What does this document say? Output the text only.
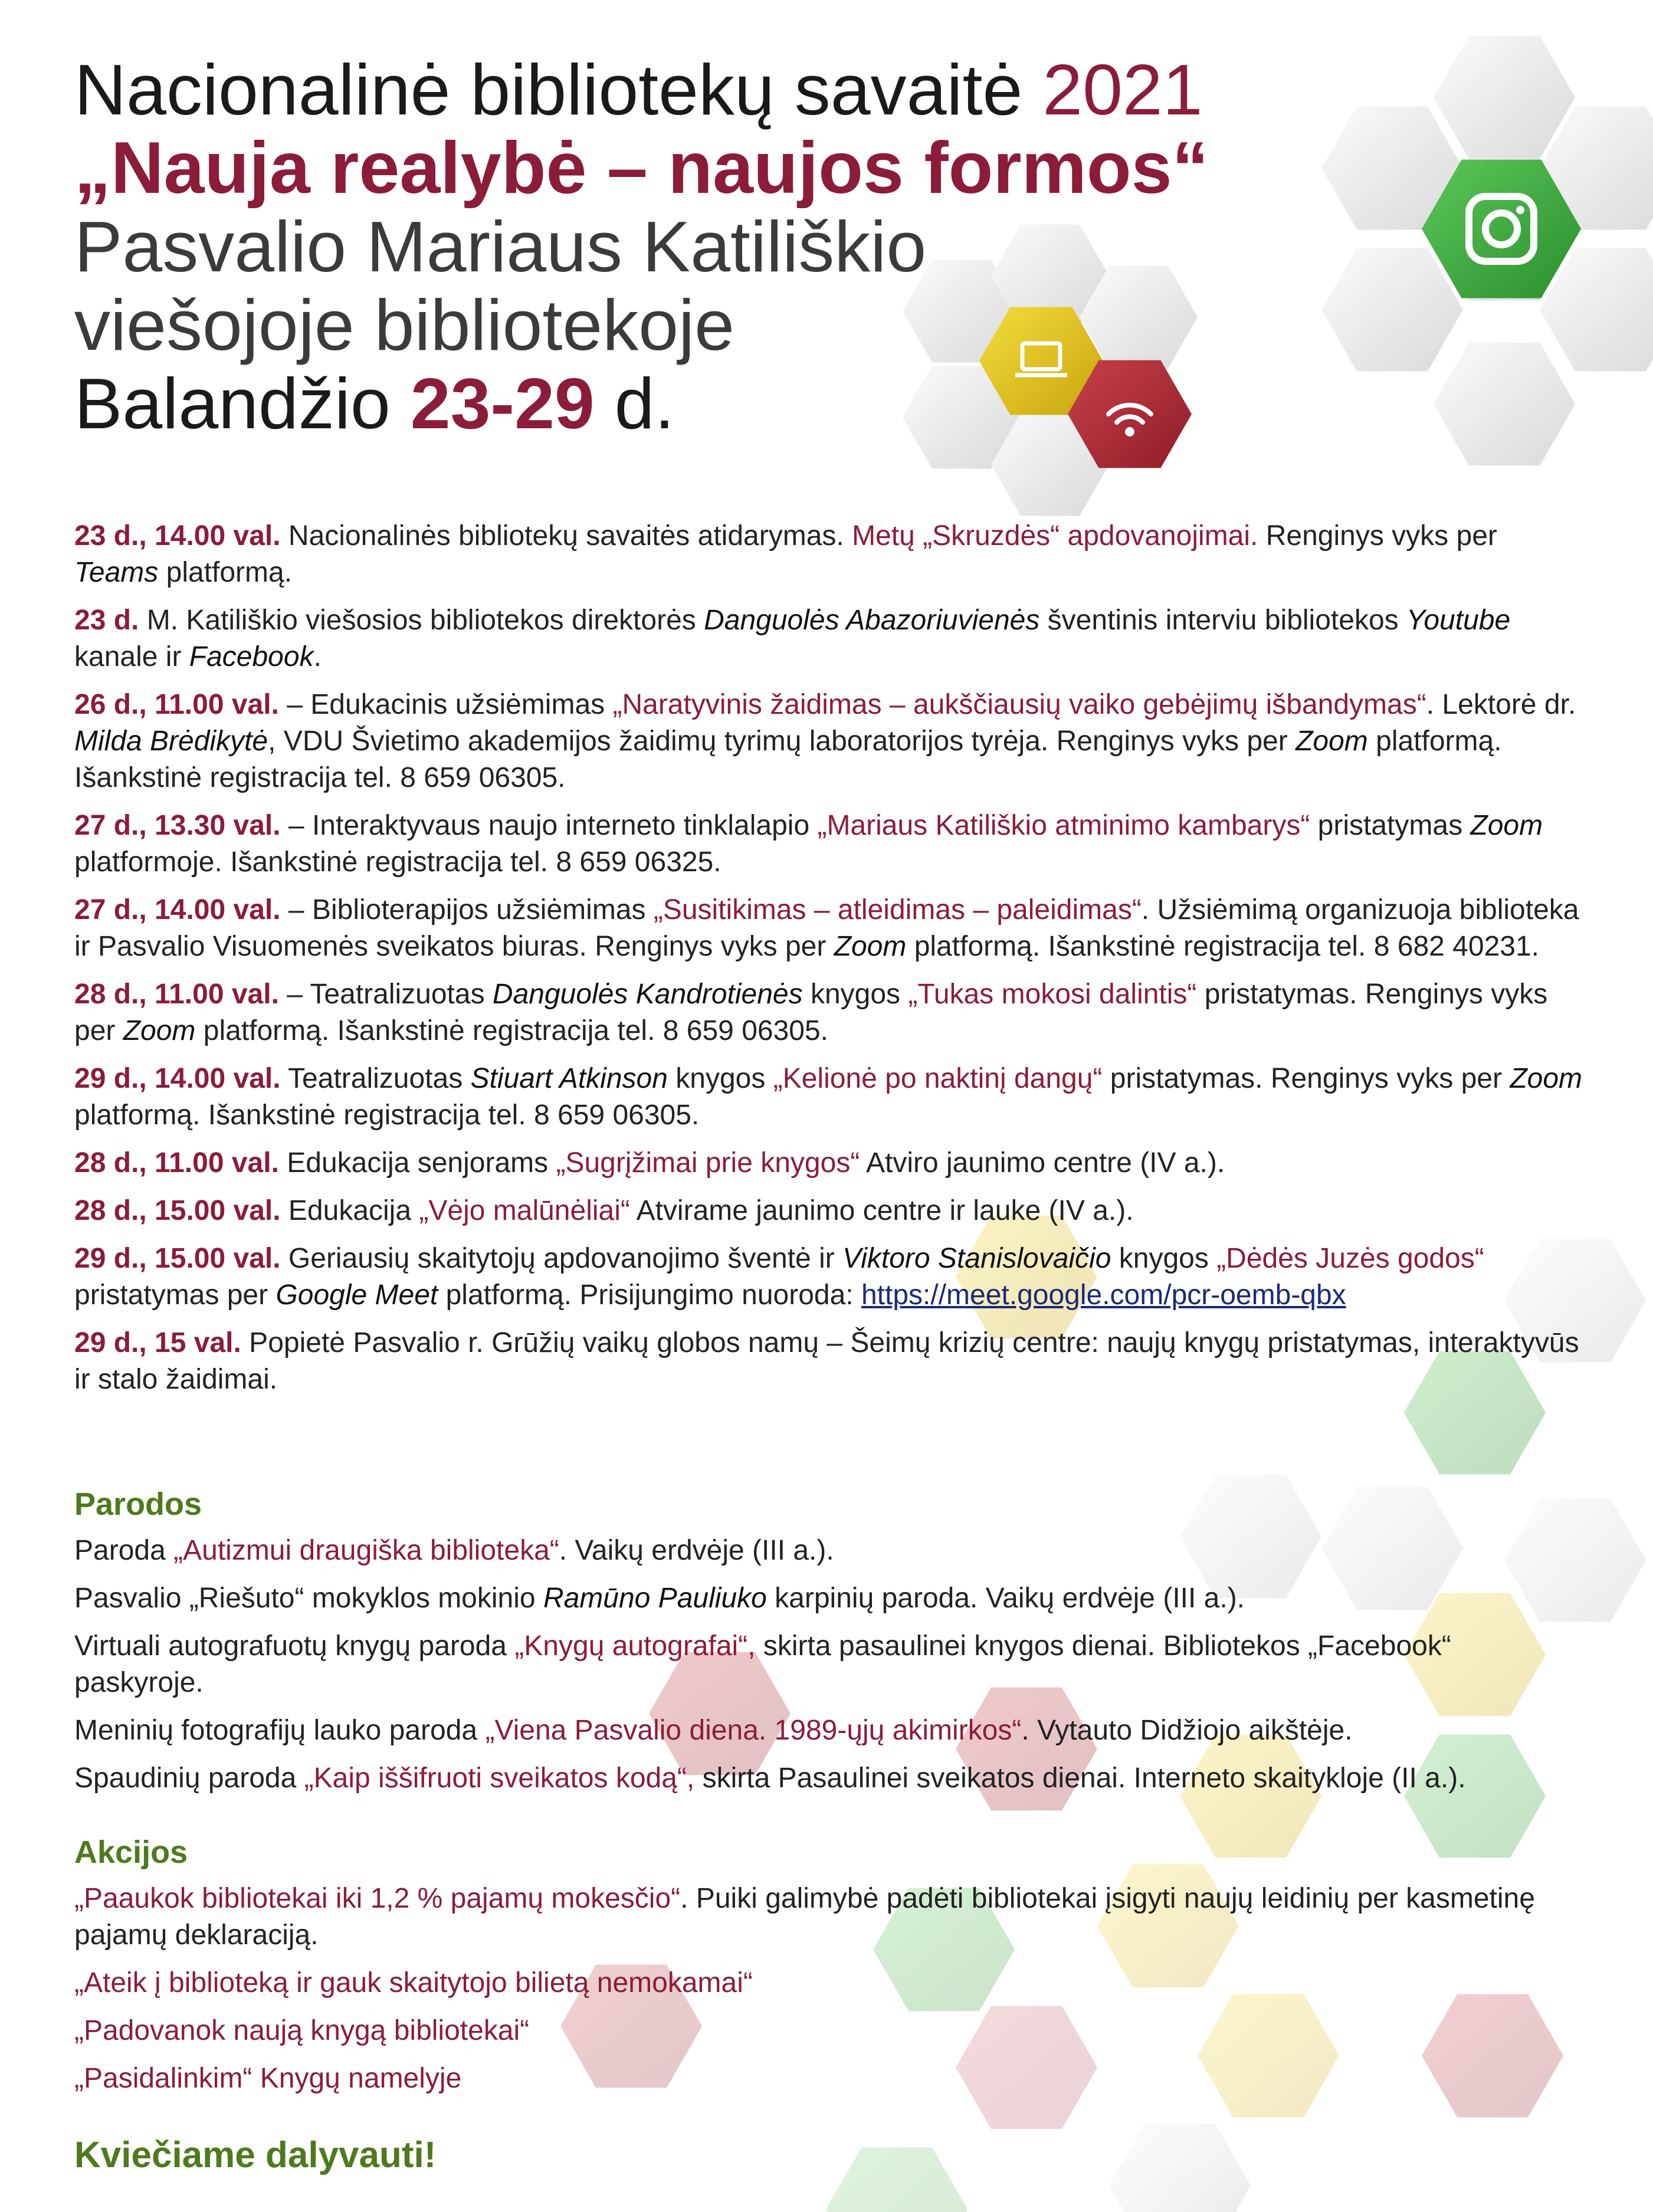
Nacionalinė bibliotekų savaitė 2021
„Nauja realybė – naujos formos“
Pasvalio Mariaus Katiliškio
viešojoje bibliotekoje
Balandžio 23-29 d.

23 d., 14.00 val. Nacionalinės bibliotekų savaitės atidarymas. Metų „Skruzdės“ apdovanojimai. Renginys vyks per Teams platformą.

23 d. M. Katiliškio viešosios bibliotekos direktorės Danguolės Abazoriuvienės šventinis interviu bibliotekos Youtube kanale ir Facebook.

26 d., 11.00 val. – Edukacinis užsiėmimas „Naratyvinis žaidimas – aukščiausių vaiko gebėjimų išbandymas“. Lektorė dr. Milda Brėdikytė, VDU Švietimo akademijos žaidimų tyrimų laboratorijos tyrėja. Renginys vyks per Zoom platformą. Išankstinė registracija tel. 8 659 06305.

27 d., 13.30 val. – Interaktyvaus naujo interneto tinklalapio „Mariaus Katiliškio atminimo kambarys“ pristatymas Zoom platformoje. Išankstinė registracija tel. 8 659 06325.

27 d., 14.00 val. – Biblioterapijos užsiėmimas „Susitikimas – atleidimas – paleidimas“. Užsiėmimą organizuoja biblioteka ir Pasvalio Visuomenės sveikatos biuras. Renginys vyks per Zoom platformą. Išankstinė registracija tel. 8 682 40231.

28 d., 11.00 val. – Teatralizuotas Danguolės Kandrotienės knygos „Tukas mokosi dalintis“ pristatymas. Renginys vyks per Zoom platformą. Išankstinė registracija tel. 8 659 06305.

29 d., 14.00 val. Teatralizuotas Stiuart Atkinson knygos „Kelionė po naktinį dangų“ pristatymas. Renginys vyks per Zoom platformą. Išankstinė registracija tel. 8 659 06305.

28 d., 11.00 val. Edukacija senjorams „Sugrįžimai prie knygos“ Atviro jaunimo centre (IV a.).

28 d., 15.00 val. Edukacija „Vėjo malūnėliai“ Atvirame jaunimo centre ir lauke (IV a.).

29 d., 15.00 val. Geriausių skaitytojų apdovanojimo šventė ir Viktoro Stanislovaičio knygos „Dėdės Juzės godos“ pristatymas per Google Meet platformą. Prisijungimo nuoroda: https://meet.google.com/pcr-oemb-qbx

29 d., 15 val. Popietė Pasvalio r. Grūžių vaikų globos namų – Šeimų krizių centre: naujų knygų pristatymas, interaktyvūs ir stalo žaidimai.

Parodos

Paroda „Autizmui draugiška biblioteka“. Vaikų erdvėje (III a.).

Pasvalio „Riešuto“ mokyklos mokinio Ramūno Pauliuko karpinių paroda. Vaikų erdvėje (III a.).

Virtuali autografuotų knygų paroda „Knygų autografai“, skirta pasaulinei knygos dienai. Bibliotekos „Facebook“ paskyroje.

Meninių fotografijų lauko paroda „Viena Pasvalio diena. 1989-ųjų akimirkos“. Vytauto Didžiojo aikštėje.

Spaudinių paroda „Kaip iššifruoti sveikatos kodą“, skirta Pasaulinei sveikatos dienai. Interneto skaitykloje (II a.).

Akcijos

„Paaukok bibliotekai iki 1,2 % pajamų mokesčio“. Puiki galimybė padėti bibliotekai įsigyti naujų leidinių per kasmetinę pajamų deklaraciją.

„Ateik į biblioteką ir gauk skaitytojo bilietą nemokamai“

„Padovanok naują knygą bibliotekai“

„Pasidalinkim“ Knygų namelyje

Kviečiame dalyvauti!
